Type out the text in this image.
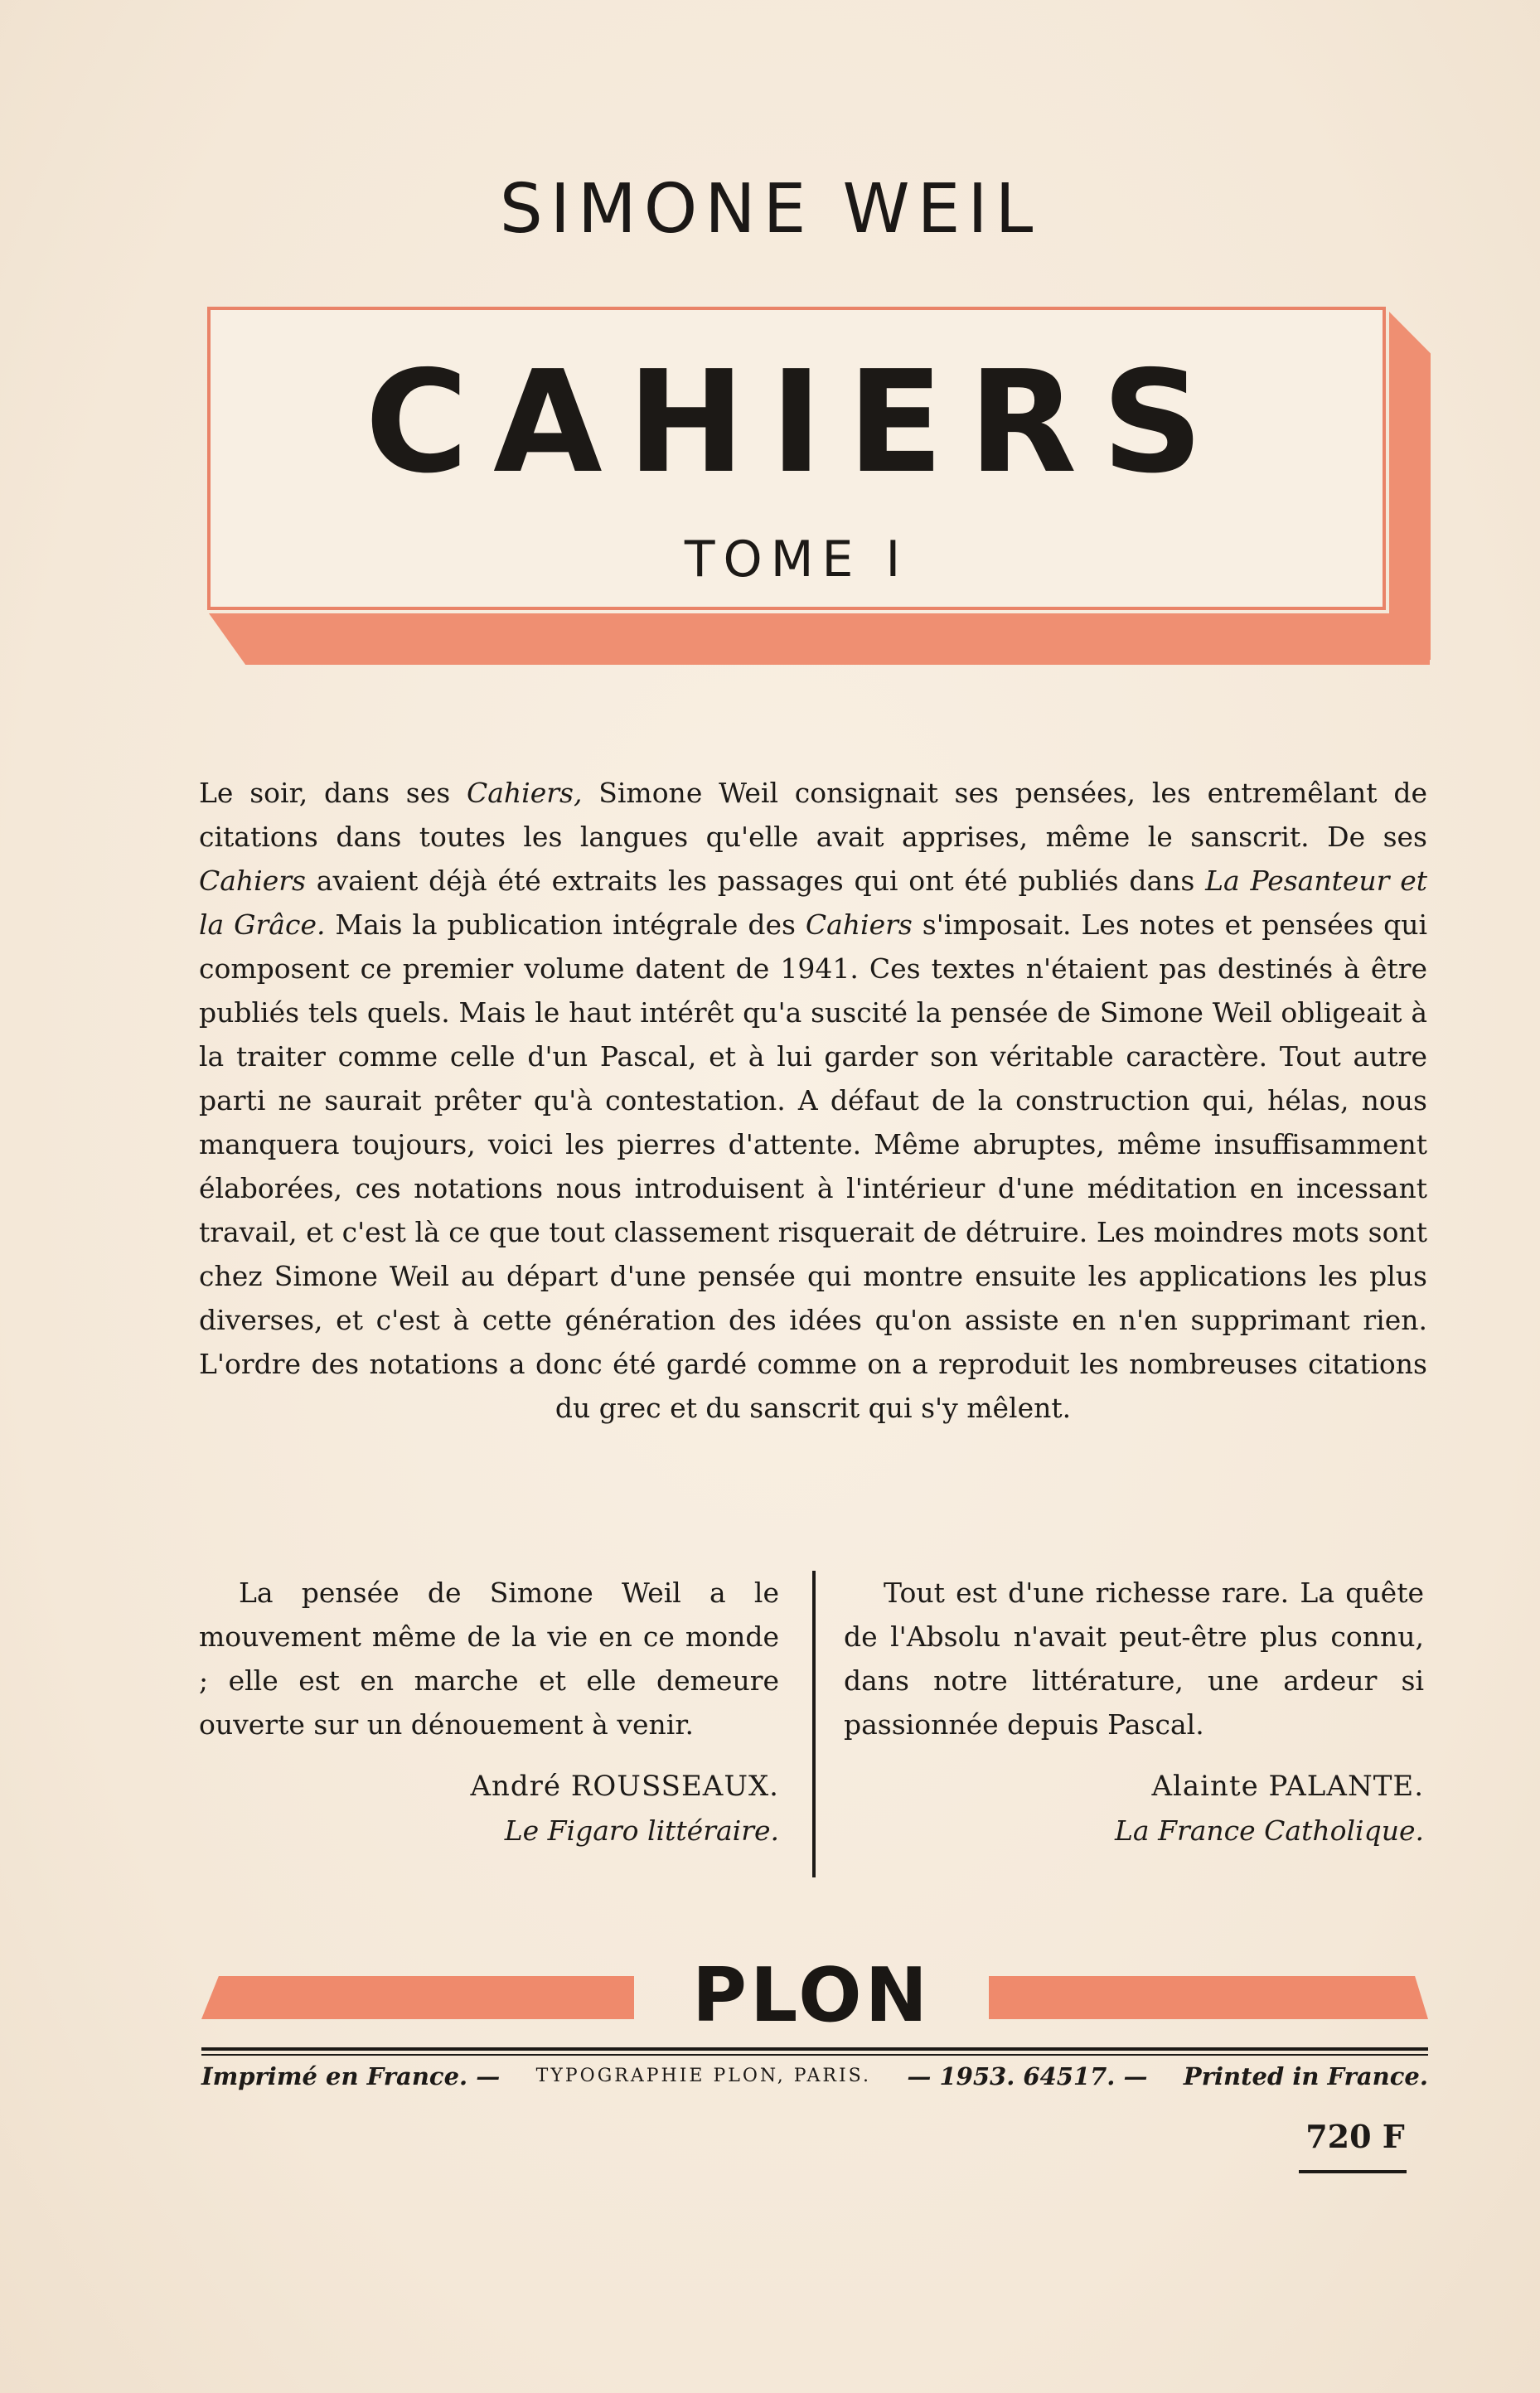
SIMONE WEIL
CAHIERS
TOME I
Le soir, dans ses Cahiers, Simone Weil consignait ses pensées, les entremêlant de citations dans toutes les langues qu'elle avait apprises, même le sanscrit. De ses Cahiers avaient déjà été extraits les passages qui ont été publiés dans La Pesanteur et la Grâce. Mais la publication intégrale des Cahiers s'imposait. Les notes et pensées qui composent ce premier volume datent de 1941. Ces textes n'étaient pas destinés à être publiés tels quels. Mais le haut intérêt qu'a suscité la pensée de Simone Weil obligeait à la traiter comme celle d'un Pascal, et à lui garder son véritable caractère. Tout autre parti ne saurait prêter qu'à contestation. A défaut de la construction qui, hélas, nous manquera toujours, voici les pierres d'attente. Même abruptes, même insuffisamment élaborées, ces notations nous introduisent à l'intérieur d'une méditation en incessant travail, et c'est là ce que tout classement risquerait de détruire. Les moindres mots sont chez Simone Weil au départ d'une pensée qui montre ensuite les applications les plus diverses, et c'est à cette génération des idées qu'on assiste en n'en supprimant rien. L'ordre des notations a donc été gardé comme on a reproduit les nombreuses citations du grec et du sanscrit qui s'y mêlent.

La pensée de Simone Weil a le mouvement même de la vie en ce monde ; elle est en marche et elle demeure ouverte sur un dénouement à venir.

André ROUSSEAUX.
Le Figaro littéraire.

Tout est d'une richesse rare. La quête de l'Absolu n'avait peut-être plus connu, dans notre littérature, une ardeur si passionnée depuis Pascal.

Alainte PALANTE.
La France Catholique.
PLON
Imprimé en France. — TYPOGRAPHIE PLON, PARIS. — 1953. 64517. — Printed in France.
720 F
